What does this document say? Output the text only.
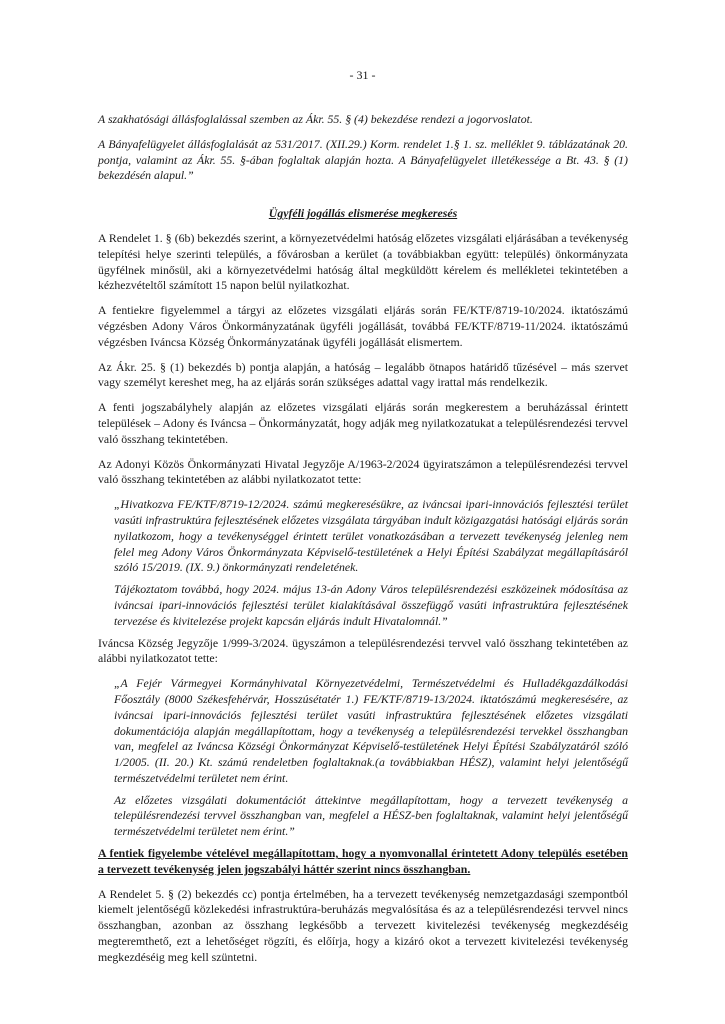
- 31 -

A szakhatósági állásfoglalással szemben az Ákr. 55. § (4) bekezdése rendezi a jogorvoslatot.

A Bányafelügyelet állásfoglalását az 531/2017. (XII.29.) Korm. rendelet 1.§ 1. sz. melléklet 9. táblázatának 20. pontja, valamint az Ákr. 55. §-ában foglaltak alapján hozta. A Bányafelügyelet illetékessége a Bt. 43. § (1) bekezdésén alapul.”

Ügyféli jogállás elismerése megkeresés

A Rendelet 1. § (6b) bekezdés szerint, a környezetvédelmi hatóság előzetes vizsgálati eljárásában a tevékenység telepítési helye szerinti település, a fővárosban a kerület (a továbbiakban együtt: település) önkormányzata ügyfélnek minősül, aki a környezetvédelmi hatóság által megküldött kérelem és mellékletei tekintetében a kézhezvételtől számított 15 napon belül nyilatkozhat.

A fentiekre figyelemmel a tárgyi az előzetes vizsgálati eljárás során FE/KTF/8719-10/2024. iktatószámú végzésben Adony Város Önkormányzatának ügyféli jogállását, továbbá FE/KTF/8719-11/2024. iktatószámú végzésben Iváncsa Község Önkormányzatának ügyféli jogállását elismertem.

Az Ákr. 25. § (1) bekezdés b) pontja alapján, a hatóság – legalább ötnapos határidő tűzésével – más szervet vagy személyt kereshet meg, ha az eljárás során szükséges adattal vagy irattal más rendelkezik.

A fenti jogszabályhely alapján az előzetes vizsgálati eljárás során megkerestem a beruházással érintett települések – Adony és Iváncsa – Önkormányzatát, hogy adják meg nyilatkozatukat a településrendezési tervvel való összhang tekintetében.

Az Adonyi Közös Önkormányzati Hivatal Jegyzője A/1963-2/2024 ügyiratszámon a településrendezési tervvel való összhang tekintetében az alábbi nyilatkozatot tette:

„Hivatkozva FE/KTF/8719-12/2024. számú megkeresésükre, az iváncsai ipari-innovációs fejlesztési terület vasúti infrastruktúra fejlesztésének előzetes vizsgálata tárgyában indult közigazgatási hatósági eljárás során nyilatkozom, hogy a tevékenységgel érintett terület vonatkozásában a tervezett tevékenység jelenleg nem felel meg Adony Város Önkormányzata Képviselő-testületének a Helyi Építési Szabályzat megállapításáról szóló 15/2019. (IX. 9.) önkormányzati rendeletének.

Tájékoztatom továbbá, hogy 2024. május 13-án Adony Város településrendezési eszközeinek módosítása az iváncsai ipari-innovációs fejlesztési terület kialakításával összefüggő vasúti infrastruktúra fejlesztésének tervezése és kivitelezése projekt kapcsán eljárás indult Hivatalomnál.”

Iváncsa Község Jegyzője 1/999-3/2024. ügyszámon a településrendezési tervvel való összhang tekintetében az alábbi nyilatkozatot tette:

„A Fejér Vármegyei Kormányhivatal Környezetvédelmi, Természetvédelmi és Hulladékgazdálkodási Főosztály (8000 Székesfehérvár, Hosszúsétatér 1.) FE/KTF/8719-13/2024. iktatószámú megkeresésére, az iváncsai ipari-innovációs fejlesztési terület vasúti infrastruktúra fejlesztésének előzetes vizsgálati dokumentációja alapján megállapítottam, hogy a tevékenység a településrendezési tervekkel összhangban van, megfelel az Iváncsa Községi Önkormányzat Képviselő-testületének Helyi Építési Szabályzatáról szóló 1/2005. (II. 20.) Kt. számú rendeletben foglaltaknak.(a továbbiakban HÉSZ), valamint helyi jelentőségű természetvédelmi területet nem érint.

Az előzetes vizsgálati dokumentációt áttekintve megállapítottam, hogy a tervezett tevékenység a településrendezési tervvel összhangban van, megfelel a HÉSZ-ben foglaltaknak, valamint helyi jelentőségű természetvédelmi területet nem érint.”

A fentiek figyelembe vételével megállapítottam, hogy a nyomvonallal érintetett Adony település esetében a tervezett tevékenység jelen jogszabályi háttér szerint nincs összhangban.

A Rendelet 5. § (2) bekezdés cc) pontja értelmében, ha a tervezett tevékenység nemzetgazdasági szempontból kiemelt jelentőségű közlekedési infrastruktúra-beruházás megvalósítása és az a településrendezési tervvel nincs összhangban, azonban az összhang legkésőbb a tervezett kivitelezési tevékenység megkezdéséig megteremthető, ezt a lehetőséget rögzíti, és előírja, hogy a kizáró okot a tervezett kivitelezési tevékenység megkezdéséig meg kell szüntetni.
